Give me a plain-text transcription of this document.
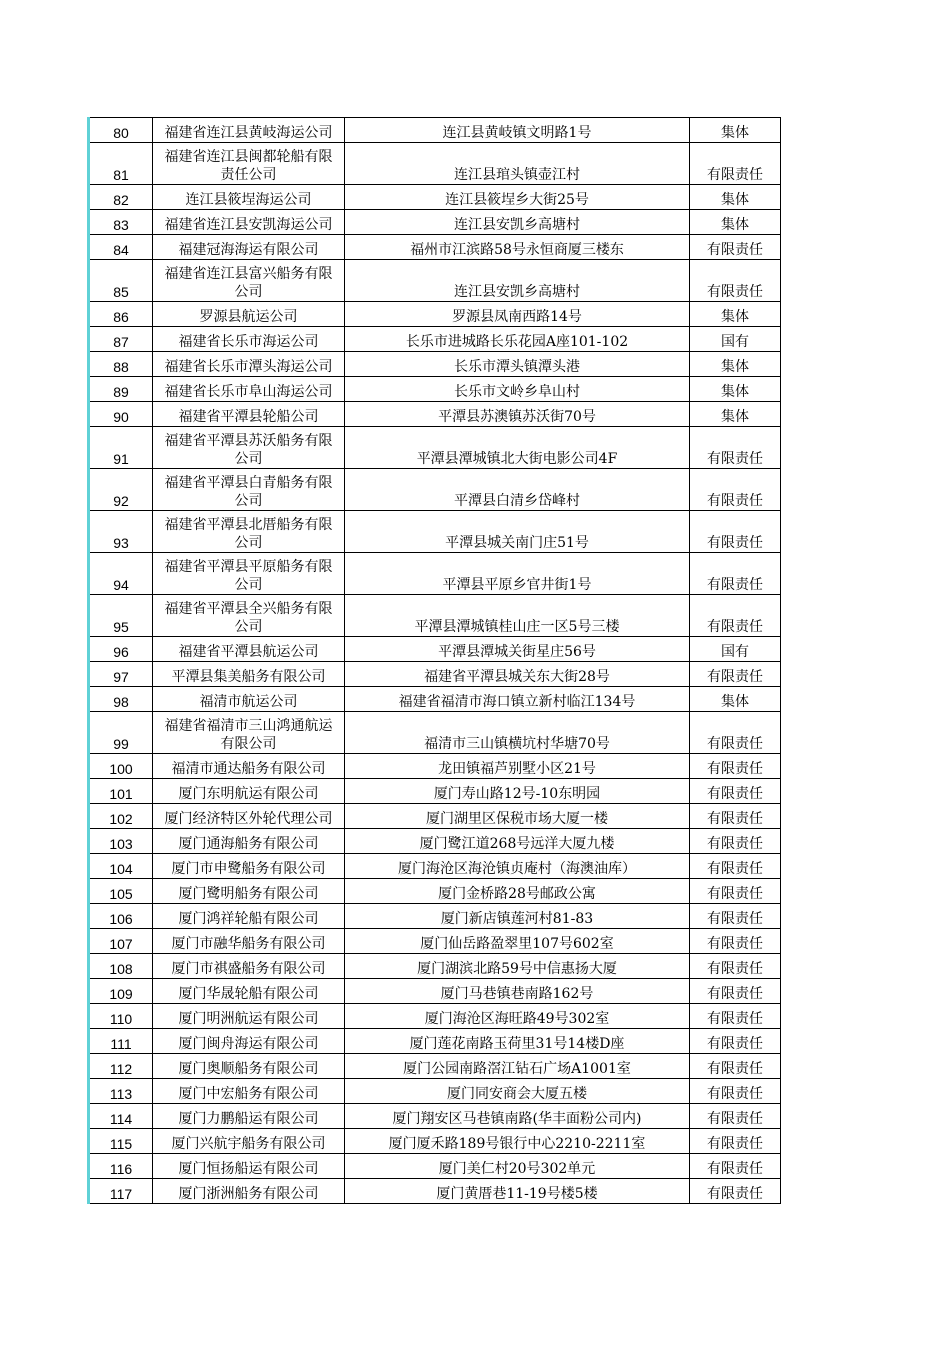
80	福建省连江县黄岐海运公司	连江县黄岐镇文明路1号	集体
81	福建省连江县闽都轮船有限责任公司	连江县琯头镇壶江村	有限责任
82	连江县筱埕海运公司	连江县筱埕乡大街25号	集体
83	福建省连江县安凯海运公司	连江县安凯乡高塘村	集体
84	福建冠海海运有限公司	福州市江滨路58号永恒商厦三楼东	有限责任
85	福建省连江县富兴船务有限公司	连江县安凯乡高塘村	有限责任
86	罗源县航运公司	罗源县凤南西路14号	集体
87	福建省长乐市海运公司	长乐市进城路长乐花园A座101-102	国有
88	福建省长乐市潭头海运公司	长乐市潭头镇潭头港	集体
89	福建省长乐市阜山海运公司	长乐市文岭乡阜山村	集体
90	福建省平潭县轮船公司	平潭县苏澳镇苏沃街70号	集体
91	福建省平潭县苏沃船务有限公司	平潭县潭城镇北大街电影公司4F	有限责任
92	福建省平潭县白青船务有限公司	平潭县白清乡岱峰村	有限责任
93	福建省平潭县北厝船务有限公司	平潭县城关南门庄51号	有限责任
94	福建省平潭县平原船务有限公司	平潭县平原乡官井街1号	有限责任
95	福建省平潭县全兴船务有限公司	平潭县潭城镇桂山庄一区5号三楼	有限责任
96	福建省平潭县航运公司	平潭县潭城关街星庄56号	国有
97	平潭县集美船务有限公司	福建省平潭县城关东大街28号	有限责任
98	福清市航运公司	福建省福清市海口镇立新村临江134号	集体
99	福建省福清市三山鸿通航运有限公司	福清市三山镇横坑村华塘70号	有限责任
100	福清市通达船务有限公司	龙田镇福芦别墅小区21号	有限责任
101	厦门东明航运有限公司	厦门寿山路12号-10东明园	有限责任
102	厦门经济特区外轮代理公司	厦门湖里区保税市场大厦一楼	有限责任
103	厦门通海船务有限公司	厦门鹭江道268号远洋大厦九楼	有限责任
104	厦门市申鹭船务有限公司	厦门海沧区海沧镇贞庵村（海澳油库）	有限责任
105	厦门鹭明船务有限公司	厦门金桥路28号邮政公寓	有限责任
106	厦门鸿祥轮船有限公司	厦门新店镇莲河村81-83	有限责任
107	厦门市融华船务有限公司	厦门仙岳路盈翠里107号602室	有限责任
108	厦门市祺盛船务有限公司	厦门湖滨北路59号中信惠扬大厦	有限责任
109	厦门华晟轮船有限公司	厦门马巷镇巷南路162号	有限责任
110	厦门明洲航运有限公司	厦门海沧区海旺路49号302室	有限责任
111	厦门闽舟海运有限公司	厦门莲花南路玉荷里31号14楼D座	有限责任
112	厦门奥顺船务有限公司	厦门公园南路滘江钻石广场A1001室	有限责任
113	厦门中宏船务有限公司	厦门同安商会大厦五楼	有限责任
114	厦门力鹏船运有限公司	厦门翔安区马巷镇南路(华丰面粉公司内)	有限责任
115	厦门兴航宇船务有限公司	厦门厦禾路189号银行中心2210-2211室	有限责任
116	厦门恒扬船运有限公司	厦门美仁村20号302单元	有限责任
117	厦门浙洲船务有限公司	厦门黄厝巷11-19号楼5楼	有限责任
